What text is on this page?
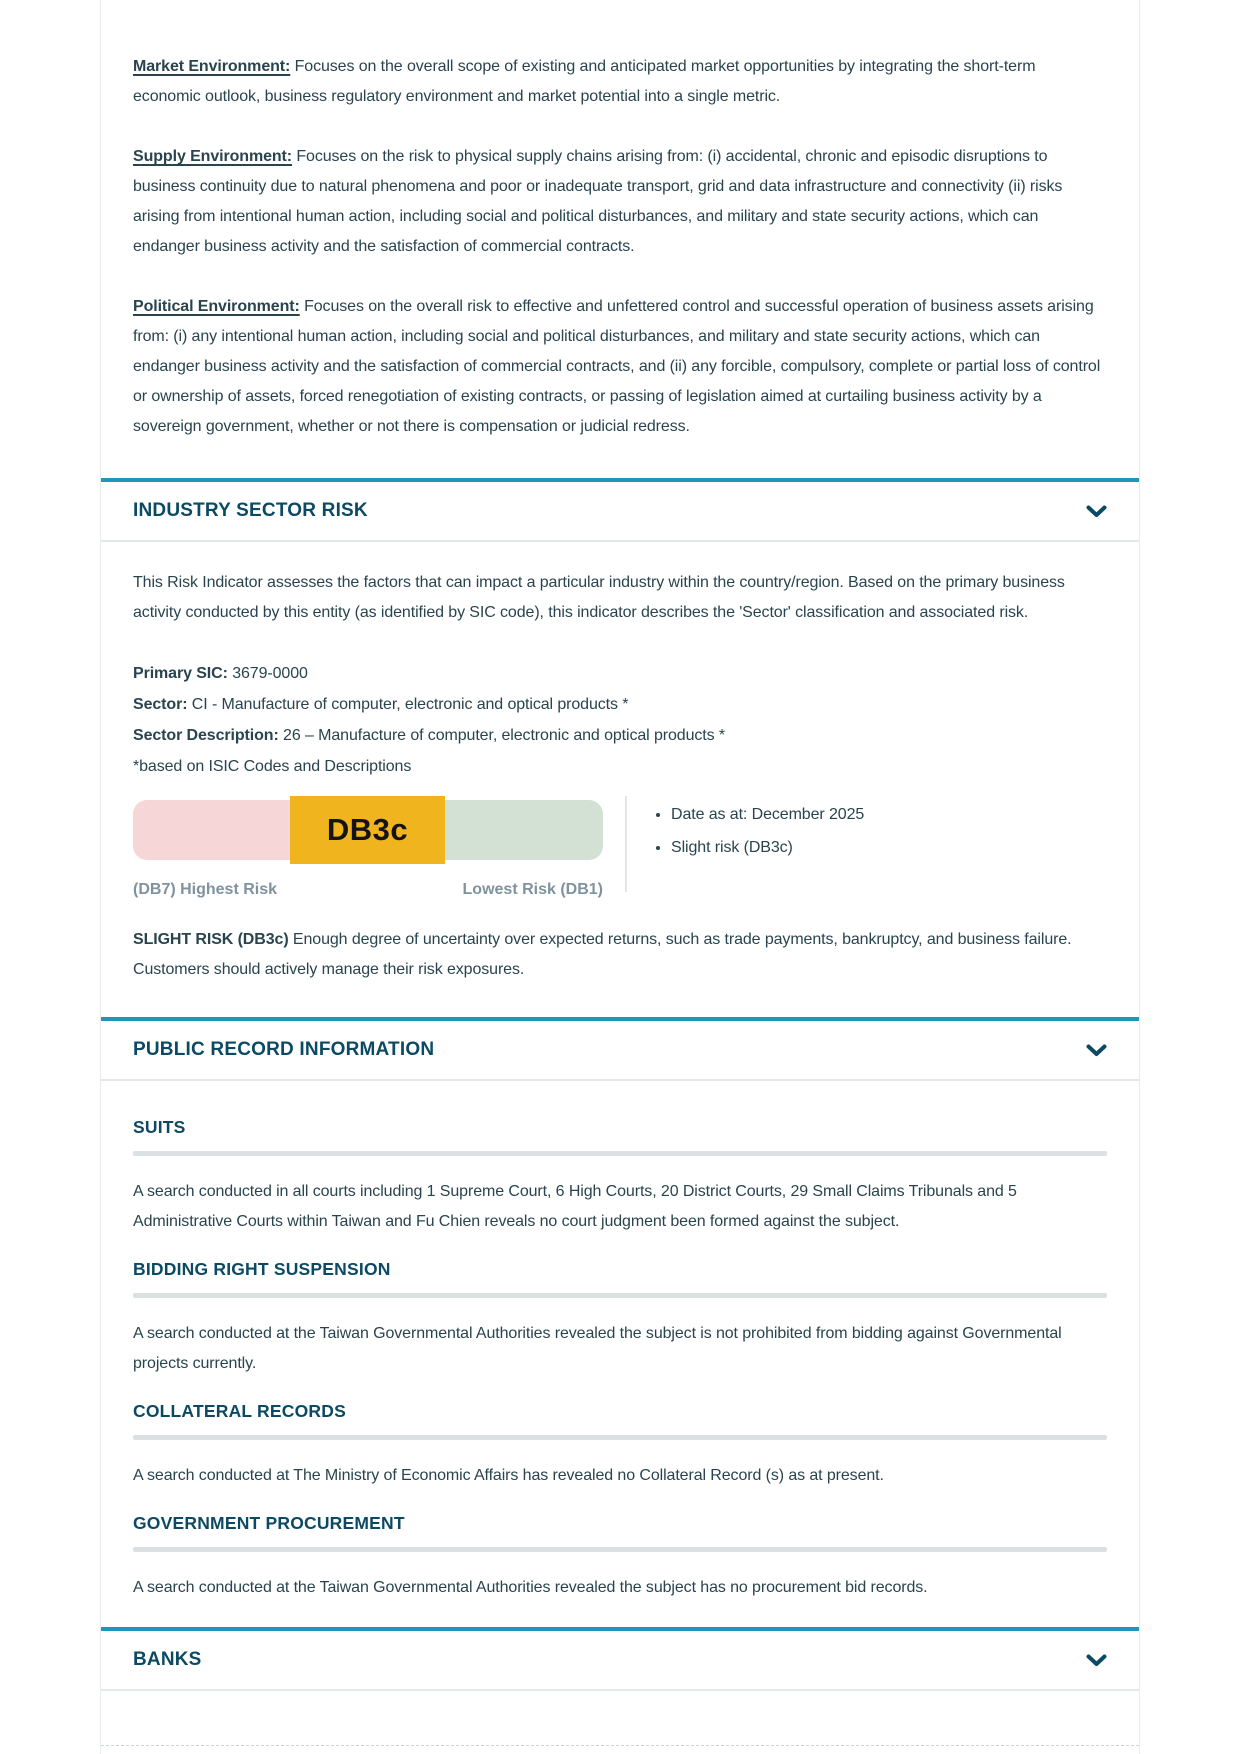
Market Environment: Focuses on the overall scope of existing and anticipated market opportunities by integrating the short-term economic outlook, business regulatory environment and market potential into a single metric.

Supply Environment: Focuses on the risk to physical supply chains arising from: (i) accidental, chronic and episodic disruptions to business continuity due to natural phenomena and poor or inadequate transport, grid and data infrastructure and connectivity (ii) risks arising from intentional human action, including social and political disturbances, and military and state security actions, which can endanger business activity and the satisfaction of commercial contracts.

Political Environment: Focuses on the overall risk to effective and unfettered control and successful operation of business assets arising from: (i) any intentional human action, including social and political disturbances, and military and state security actions, which can endanger business activity and the satisfaction of commercial contracts, and (ii) any forcible, compulsory, complete or partial loss of control or ownership of assets, forced renegotiation of existing contracts, or passing of legislation aimed at curtailing business activity by a sovereign government, whether or not there is compensation or judicial redress.

INDUSTRY SECTOR RISK

This Risk Indicator assesses the factors that can impact a particular industry within the country/region. Based on the primary business activity conducted by this entity (as identified by SIC code), this indicator describes the 'Sector' classification and associated risk.

Primary SIC: 3679-0000

Sector: CI - Manufacture of computer, electronic and optical products *

Sector Description: 26 – Manufacture of computer, electronic and optical products *

*based on ISIC Codes and Descriptions

DB3c
(DB7) Highest Risk	Lowest Risk (DB1)
• Date as at: December 2025
• Slight risk (DB3c)

SLIGHT RISK (DB3c) Enough degree of uncertainty over expected returns, such as trade payments, bankruptcy, and business failure. Customers should actively manage their risk exposures.

PUBLIC RECORD INFORMATION
SUITS

A search conducted in all courts including 1 Supreme Court, 6 High Courts, 20 District Courts, 29 Small Claims Tribunals and 5 Administrative Courts within Taiwan and Fu Chien reveals no court judgment been formed against the subject.

BIDDING RIGHT SUSPENSION

A search conducted at the Taiwan Governmental Authorities revealed the subject is not prohibited from bidding against Governmental projects currently.

COLLATERAL RECORDS

A search conducted at The Ministry of Economic Affairs has revealed no Collateral Record (s) as at present.

GOVERNMENT PROCUREMENT

A search conducted at the Taiwan Governmental Authorities revealed the subject has no procurement bid records.

BANKS
